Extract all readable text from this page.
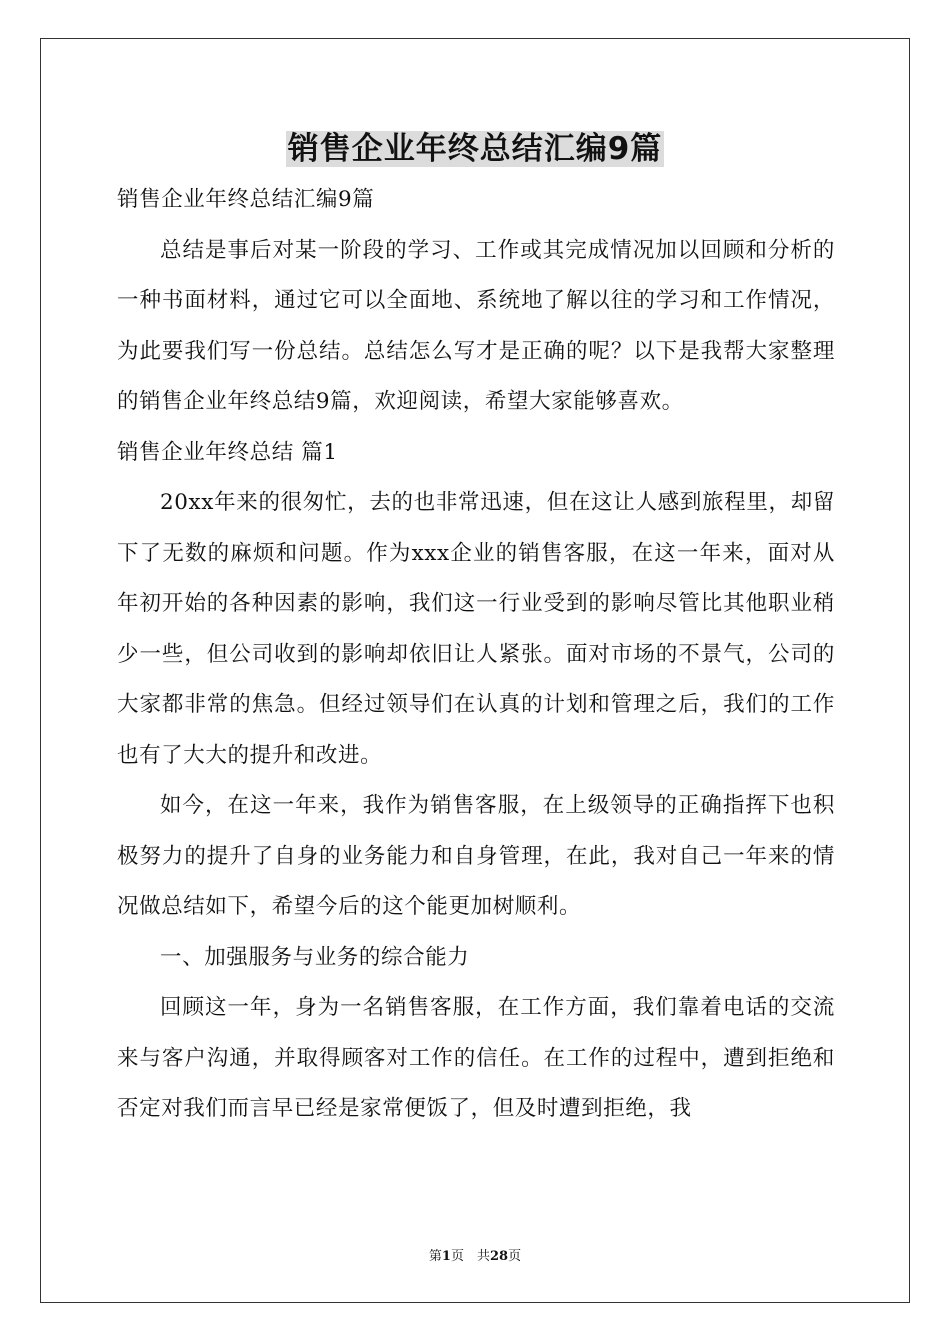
销售企业年终总结汇编9篇

销售企业年终总结汇编9篇

总结是事后对某一阶段的学习、工作或其完成情况加以回顾和分析的一种书面材料，通过它可以全面地、系统地了解以往的学习和工作情况，为此要我们写一份总结。总结怎么写才是正确的呢？以下是我帮大家整理的销售企业年终总结9篇，欢迎阅读，希望大家能够喜欢。

销售企业年终总结 篇1

20xx年来的很匆忙，去的也非常迅速，但在这让人感到旅程里，却留下了无数的麻烦和问题。作为xxx企业的销售客服，在这一年来，面对从年初开始的各种因素的影响，我们这一行业受到的影响尽管比其他职业稍少一些，但公司收到的影响却依旧让人紧张。面对市场的不景气，公司的大家都非常的焦急。但经过领导们在认真的计划和管理之后，我们的工作也有了大大的提升和改进。

如今，在这一年来，我作为销售客服，在上级领导的正确指挥下也积极努力的提升了自身的业务能力和自身管理，在此，我对自己一年来的情况做总结如下，希望今后的这个能更加树顺利。

一、加强服务与业务的综合能力

回顾这一年，身为一名销售客服，在工作方面，我们靠着电话的交流来与客户沟通，并取得顾客对工作的信任。在工作的过程中，遭到拒绝和否定对我们而言早已经是家常便饭了，但及时遭到拒绝，我

第1页　共28页
